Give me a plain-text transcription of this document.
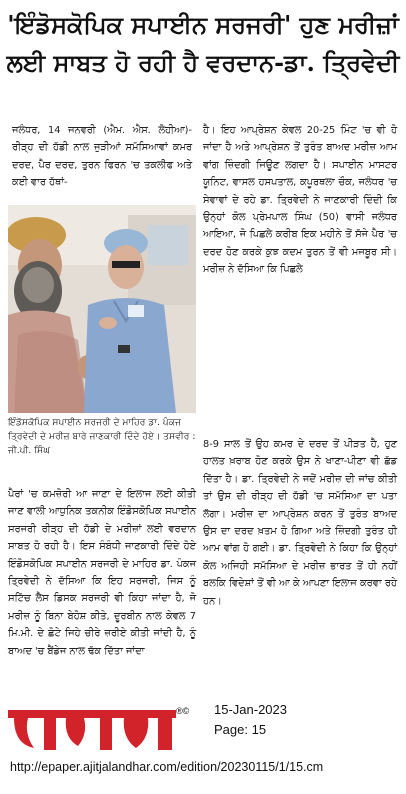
'ਇੰਡੋਸਕੋਪਿਕ ਸਪਾਈਨ ਸਰਜਰੀ' ਹੁਣ ਮਰੀਜ਼ਾਂ ਲਈ ਸਾਬਤ ਹੋ ਰਹੀ ਹੈ ਵਰਦਾਨ-ਡਾ. ਤ੍ਰਿਵੇਦੀ
ਜਲੰਧਰ, 14 ਜਨਵਰੀ (ਐਮ. ਐਸ. ਲੋਹੀਆ)- ਰੀੜ੍ਹ ਦੀ ਹੱਡੀ ਨਾਲ ਜੁੜੀਆਂ ਸਮੱਸਿਆਵਾਂ ਕਮਰ ਦਰਦ, ਪੈਰ ਦਰਦ, ਤੁਰਨ ਫਿਰਨ 'ਚ ਤਕਲੀਫ ਅਤੇ ਕਈ ਵਾਰ ਹੱਥਾਂ-
ਇੰਡੋਸਕੋਪਿਕ ਸਪਾਈਨ ਸਰਜਰੀ ਦੇ ਮਾਹਿਰ ਡਾ. ਪੰਕਜ ਤ੍ਰਿਵੇਦੀ ਦੇ ਮਰੀਜ਼ ਬਾਰੇ ਜਾਣਕਾਰੀ ਦਿੰਦੇ ਹੋਏ। ਤਸਵੀਰ : ਜੀ.ਪੀ. ਸਿੰਘ
ਹੈ। ਇਹ ਆਪ੍ਰੇਸ਼ਨ ਕੇਵਲ 20-25 ਮਿੰਟ 'ਚ ਵੀ ਹੋ ਜਾਂਦਾ ਹੈ ਅਤੇ ਆਪ੍ਰੇਸ਼ਨ ਤੋਂ ਤੁਰੰਤ ਬਾਅਦ ਮਰੀਜ਼ ਆਮ ਵਾਂਗ ਜ਼ਿੰਦਗੀ ਜਿਊਣ ਲਗਦਾ ਹੈ। ਸਪਾਈਨ ਮਾਸਟਰ ਯੂਨਿਟ, ਵਾਸਲ ਹਸਪਤਾਲ, ਕਪੂਰਥਲਾ ਚੌਕ, ਜਲੰਧਰ 'ਚ ਸੇਵਾਵਾਂ ਦੇ ਰਹੇ ਡਾ. ਤ੍ਰਿਵੇਦੀ ਨੇ ਜਾਣਕਾਰੀ ਦਿੰਦੀ ਕਿ ਉਨ੍ਹਾਂ ਕੋਲ ਪ੍ਰੇਮਪਾਲ ਸਿੰਘ (50) ਵਾਸੀ ਜਲੰਧਰ ਆਇਆ, ਜੋ ਪਿਛਲੇ ਕਰੀਬ ਇਕ ਮਹੀਨੇ ਤੋਂ ਸੱਜੇ ਪੈਰ 'ਚ ਦਰਦ ਹੋਣ ਕਰਕੇ ਕੁਝ ਕਦਮ ਤੁਰਨ ਤੋਂ ਵੀ ਮਜਬੂਰ ਸੀ। ਮਰੀਜ਼ ਨੇ ਦੱਸਿਆ ਕਿ ਪਿਛਲੇ
8-9 ਸਾਲ ਤੋਂ ਉਹ ਕਮਰ ਦੇ ਦਰਦ ਤੋਂ ਪੀੜਤ ਹੈ, ਹੁਣ ਹਾਲਤ ਖ਼ਰਾਬ ਹੋਣ ਕਰਕੇ ਉਸ ਨੇ ਖਾਣਾ-ਪੀਣਾ ਵੀ ਛੱਡ ਦਿੱਤਾ ਹੈ। ਡਾ. ਤ੍ਰਿਵੇਦੀ ਨੇ ਜਦੋਂ ਮਰੀਜ਼ ਦੀ ਜਾਂਚ ਕੀਤੀ ਤਾਂ ਉਸ ਦੀ ਰੀੜ੍ਹ ਦੀ ਹੱਡੀ 'ਚ ਸਮੱਸਿਆ ਦਾ ਪਤਾ ਲੱਗਾ। ਮਰੀਜ਼ ਦਾ ਆਪ੍ਰੇਸ਼ਨ ਕਰਨ ਤੋਂ ਤੁਰੰਤ ਬਾਅਦ ਉਸ ਦਾ ਦਰਦ ਖ਼ਤਮ ਹੋ ਗਿਆ ਅਤੇ ਜ਼ਿੰਦਗੀ ਤੁਰੰਤ ਹੀ ਆਮ ਵਾਂਗ ਹੋ ਗਈ। ਡਾ. ਤ੍ਰਿਵੇਦੀ ਨੇ ਕਿਹਾ ਕਿ ਉਨ੍ਹਾਂ ਕੋਲ ਅਜਿਹੀ ਸਮੱਸਿਆ ਦੇ ਮਰੀਜ਼ ਭਾਰਤ ਤੋਂ ਹੀ ਨਹੀਂ ਬਲਕਿ ਵਿਦੇਸ਼ਾਂ ਤੋਂ ਵੀ ਆ ਕੇ ਆਪਣਾ ਇਲਾਜ ਕਰਵਾ ਰਹੇ ਹਨ।
ਪੈਰਾਂ 'ਚ ਕਮਜ਼ੋਰੀ ਆ ਜਾਣਾ ਦੇ ਇਲਾਜ ਲਈ ਕੀਤੀ ਜਾਣ ਵਾਲੀ ਆਧੁਨਿਕ ਤਕਨੀਕ ਇੰਡੋਸਕੋਪਿਕ ਸਪਾਈਨ ਸਰਜਰੀ ਰੀੜ੍ਹ ਦੀ ਹੱਡੀ ਦੇ ਮਰੀਜ਼ਾਂ ਲਈ ਵਰਦਾਨ ਸਾਬਤ ਹੋ ਰਹੀ ਹੈ। ਇਸ ਸੰਬੰਧੀ ਜਾਣਕਾਰੀ ਦਿੰਦੇ ਹੋਏ ਇੰਡੋਸਕੋਪਿਕ ਸਪਾਈਨ ਸਰਜਰੀ ਦੇ ਮਾਹਿਰ ਡਾ. ਪੰਕਜ ਤ੍ਰਿਵੇਦੀ ਨੇ ਦੱਸਿਆ ਕਿ ਇਹ ਸਰਜਰੀ, ਜਿਸ ਨੂੰ ਸਟਿੱਚ ਲੈਸ ਡਿਸਕ ਸਰਜਰੀ ਵੀ ਕਿਹਾ ਜਾਂਦਾ ਹੈ, ਜੋ ਮਰੀਜ਼ ਨੂੰ ਬਿਨਾ ਬੇਹੋਸ਼ ਕੀਤੇ, ਦੂਰਬੀਨ ਨਾਲ ਕੇਵਲ 7 ਮਿ.ਮੀ. ਦੇ ਛੋਟੇ ਜਿਹੇ ਚੀਰੇ ਜ਼ਰੀਏ ਕੀਤੀ ਜਾਂਦੀ ਹੈ, ਨੂੰ ਬਾਅਦ 'ਚ ਬੈਂਡੇਜ ਨਾਲ ਢੱਕ ਦਿੱਤਾ ਜਾਂਦਾ
®© 15-Jan-2023
Page: 15
http://epaper.ajitjalandhar.com/edition/20230115/1/15.cm
